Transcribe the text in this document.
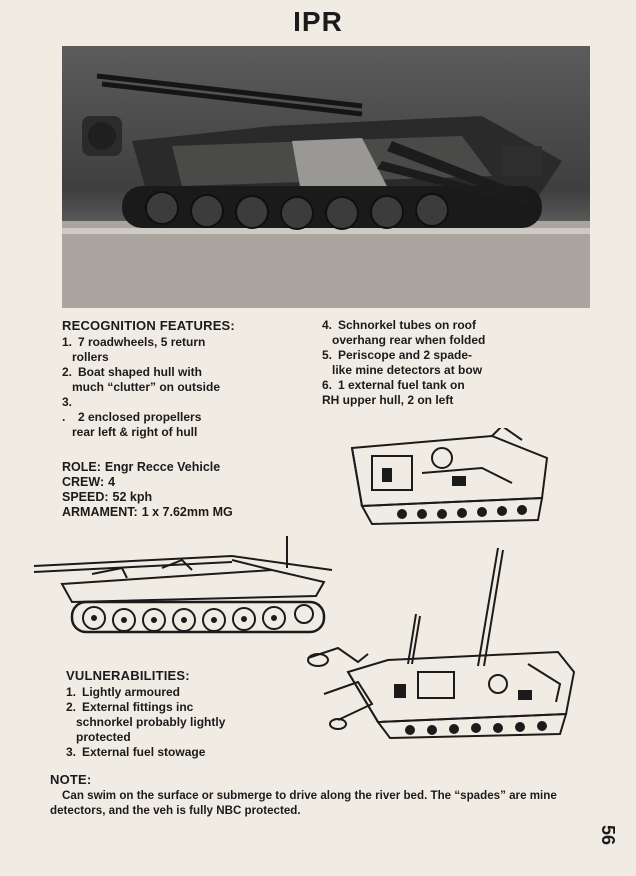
IPR
RECOGNITION FEATURES:
1. 7 roadwheels, 5 return
rollers
2. Boat shaped hull with
much “clutter” on outside
3. . 2 enclosed propellers
rear left & right of hull
4. Schnorkel tubes on roof
overhang rear when folded
5. Periscope and 2 spade-
like mine detectors at bow
6. 1 external fuel tank on
RH upper hull, 2 on left
ROLE: Engr Recce Vehicle
CREW: 4
SPEED: 52 kph
ARMAMENT: 1 x 7.62mm MG
VULNERABILITIES:
1. Lightly armoured
2. External fittings inc
schnorkel probably lightly
protected
3. External fuel stowage
NOTE:
Can swim on the surface or submerge to drive along the river bed. The “spades” are mine
detectors, and the veh is fully NBC protected.
56
